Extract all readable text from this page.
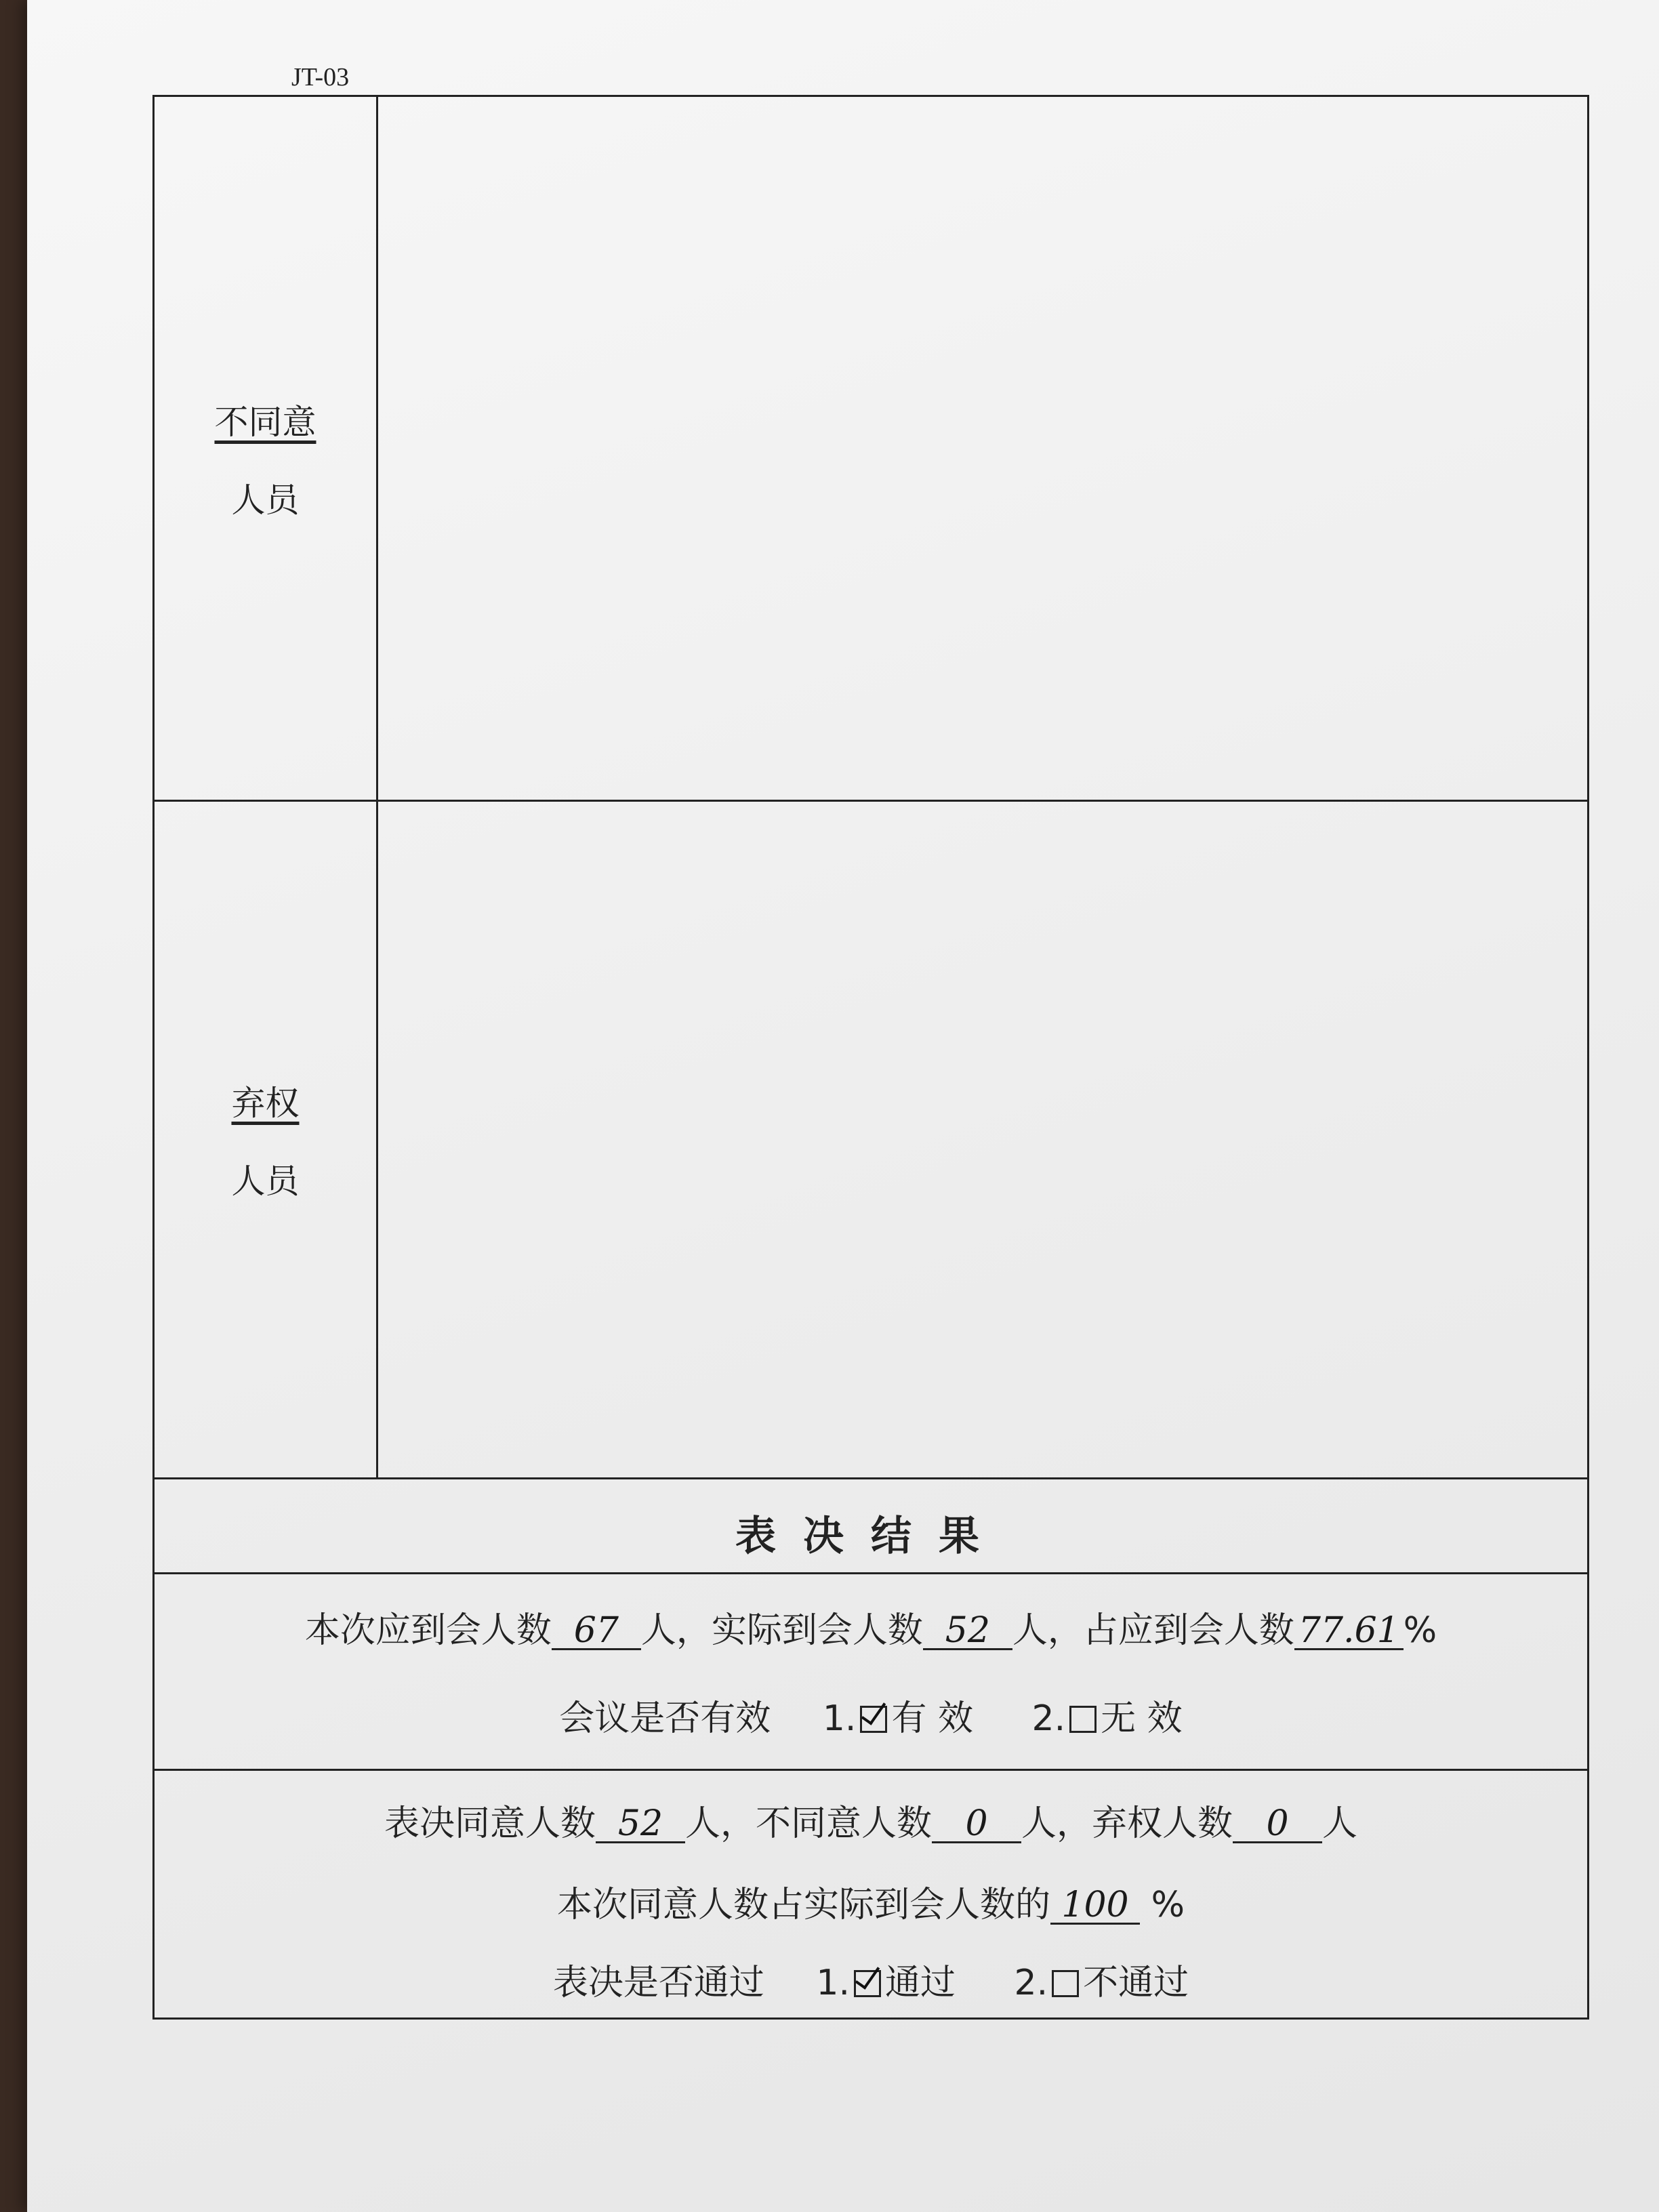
JT-03
不同意
人员
弃权
人员
表决结果
本次应到会人数 67 人，实际到会人数 52 人，占应到会人数 77.61 %
会议是否有效 1. 有 效 2. 无 效
表决同意人数 52 人，不同意人数 0 人，弃权人数 0 人
本次同意人数占实际到会人数的 100 %
表决是否通过 1. 通过 2. 不通过
